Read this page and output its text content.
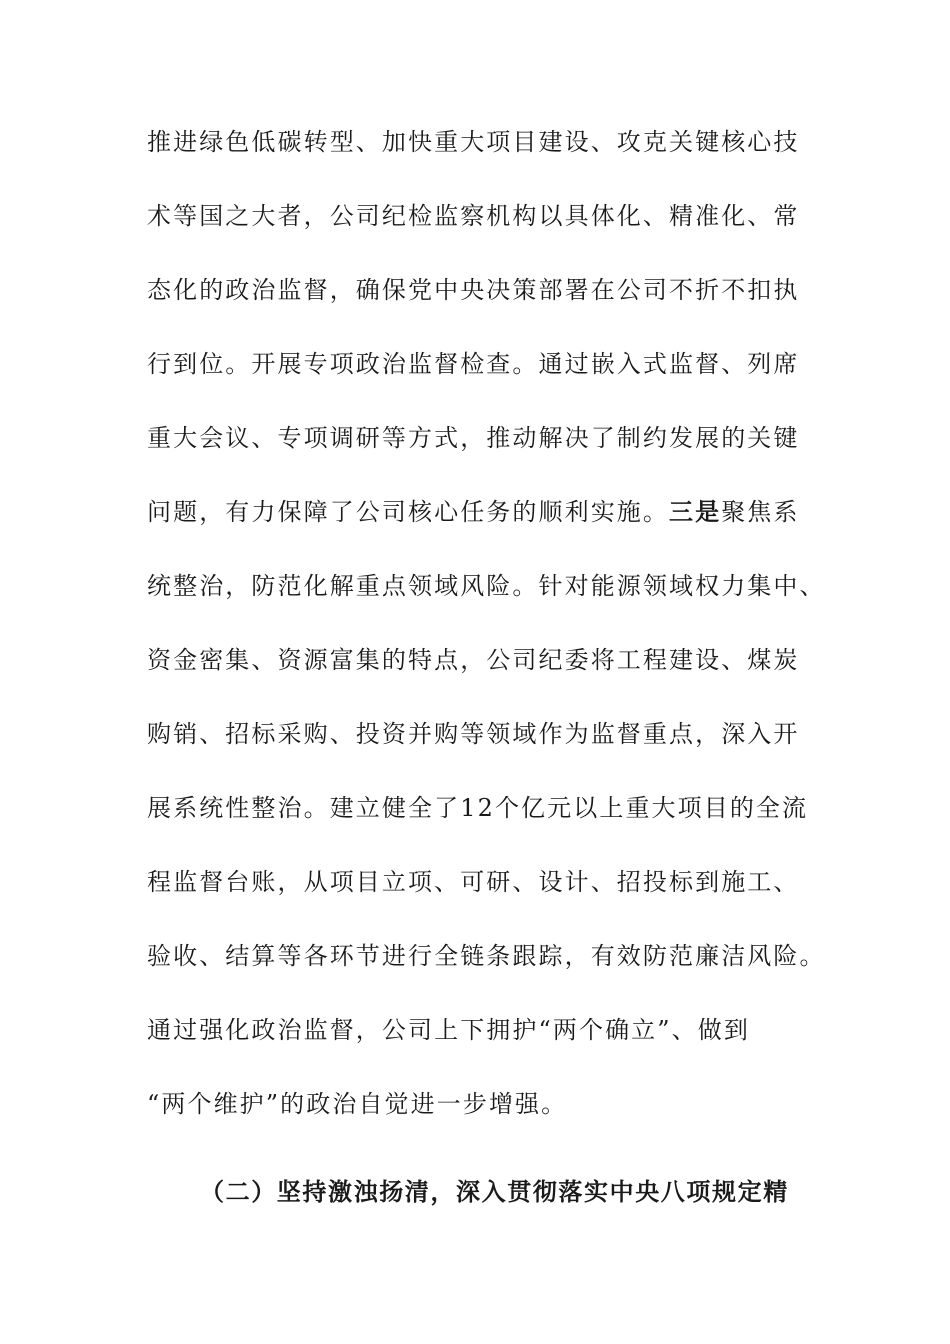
推进绿色低碳转型、加快重大项目建设、攻克关键核心技
术等国之大者，公司纪检监察机构以具体化、精准化、常
态化的政治监督，确保党中央决策部署在公司不折不扣执
行到位。开展专项政治监督检查。通过嵌入式监督、列席
重大会议、专项调研等方式，推动解决了制约发展的关键
问题，有力保障了公司核心任务的顺利实施。三是聚焦系
统整治，防范化解重点领域风险。针对能源领域权力集中、
资金密集、资源富集的特点，公司纪委将工程建设、煤炭
购销、招标采购、投资并购等领域作为监督重点，深入开
展系统性整治。建立健全了12个亿元以上重大项目的全流
程监督台账，从项目立项、可研、设计、招投标到施工、
验收、结算等各环节进行全链条跟踪，有效防范廉洁风险。
通过强化政治监督，公司上下拥护“两个确立”、做到
“两个维护”的政治自觉进一步增强。
（二）坚持激浊扬清，深入贯彻落实中央八项规定精
